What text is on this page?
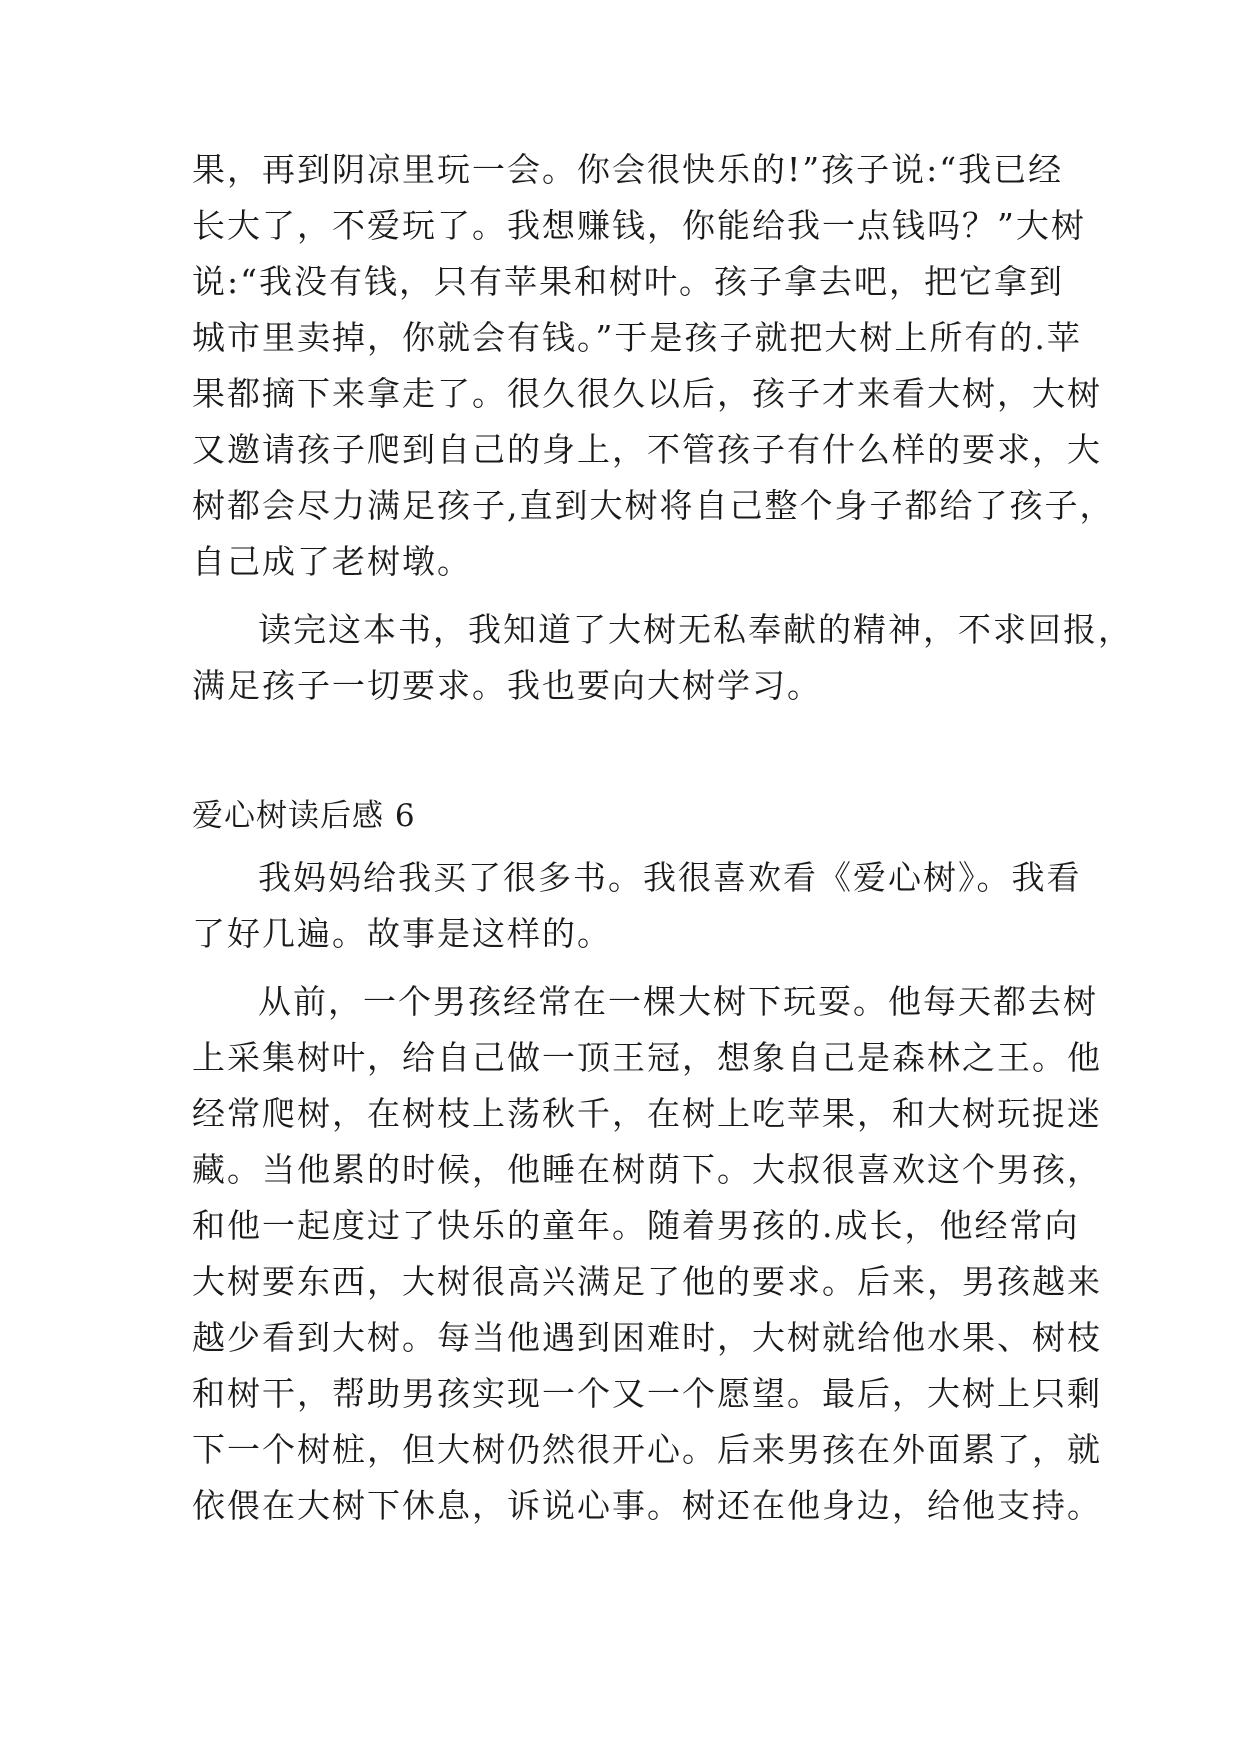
果，再到阴凉里玩一会。你会很快乐的!”孩子说:“我已经
长大了，不爱玩了。我想赚钱，你能给我一点钱吗？”大树
说:“我没有钱，只有苹果和树叶。孩子拿去吧，把它拿到
城市里卖掉，你就会有钱。”于是孩子就把大树上所有的.苹
果都摘下来拿走了。很久很久以后，孩子才来看大树，大树
又邀请孩子爬到自己的身上，不管孩子有什么样的要求，大
树都会尽力满足孩子,直到大树将自己整个身子都给了孩子，
自己成了老树墩。
读完这本书，我知道了大树无私奉献的精神，不求回报，
满足孩子一切要求。我也要向大树学习。
爱心树读后感 6
我妈妈给我买了很多书。我很喜欢看《爱心树》。我看
了好几遍。故事是这样的。
从前，一个男孩经常在一棵大树下玩耍。他每天都去树
上采集树叶，给自己做一顶王冠，想象自己是森林之王。他
经常爬树，在树枝上荡秋千，在树上吃苹果，和大树玩捉迷
藏。当他累的时候，他睡在树荫下。大叔很喜欢这个男孩，
和他一起度过了快乐的童年。随着男孩的.成长，他经常向
大树要东西，大树很高兴满足了他的要求。后来，男孩越来
越少看到大树。每当他遇到困难时，大树就给他水果、树枝
和树干，帮助男孩实现一个又一个愿望。最后，大树上只剩
下一个树桩，但大树仍然很开心。后来男孩在外面累了，就
依偎在大树下休息，诉说心事。树还在他身边，给他支持。
